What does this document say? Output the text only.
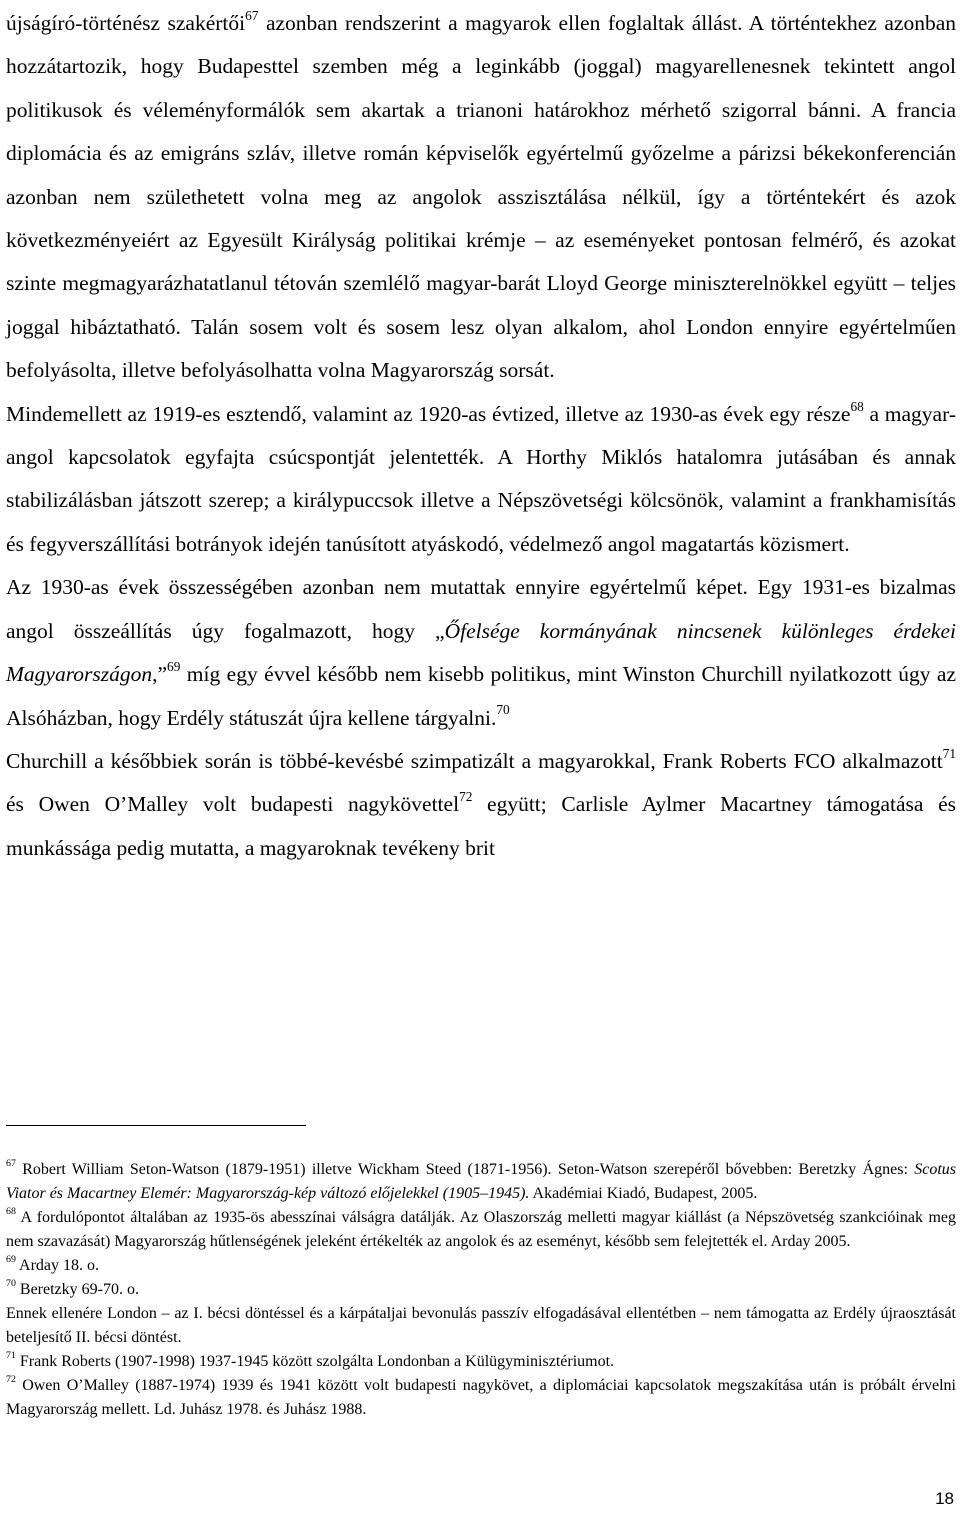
újságíró-történész szakértői$^{67}$ azonban rendszerint a magyarok ellen foglaltak állást. A történtekhez azonban hozzátartozik, hogy Budapesttel szemben még a leginkább (joggal) magyarellenesnek tekintett angol politikusok és véleményformálók sem akartak a trianoni határokhoz mérhető szigorral bánni. A francia diplomácia és az emigráns szláv, illetve román képviselők egyértelmű győzelme a párizsi békekonferencián azonban nem születhetett volna meg az angolok asszisztálása nélkül, így a történtekért és azok következményeiért az Egyesült Királyság politikai krémje – az eseményeket pontosan felmérő, és azokat szinte megmagyarázhatatlanul tétován szemlélő magyar-barát Lloyd George miniszterelnökkel együtt – teljes joggal hibáztatható. Talán sosem volt és sosem lesz olyan alkalom, ahol London ennyire egyértelműen befolyásolta, illetve befolyásolhatta volna Magyarország sorsát.

Mindemellett az 1919-es esztendő, valamint az 1920-as évtized, illetve az 1930-as évek egy része$^{68}$ a magyar-angol kapcsolatok egyfajta csúcspontját jelentették. A Horthy Miklós hatalomra jutásában és annak stabilizálásban játszott szerep; a királypuccsok illetve a Népszövetségi kölcsönök, valamint a frankhamisítás és fegyverszállítási botrányok idején tanúsított atyáskodó, védelmező angol magatartás közismert.

Az 1930-as évek összességében azonban nem mutattak ennyire egyértelmű képet. Egy 1931-es bizalmas angol összeállítás úgy fogalmazott, hogy „Őfelsége kormányának nincsenek különleges érdekei Magyarországon,”$^{69}$ míg egy évvel később nem kisebb politikus, mint Winston Churchill nyilatkozott úgy az Alsóházban, hogy Erdély státuszát újra kellene tárgyalni.$^{70}$

Churchill a későbbiek során is többé-kevésbé szimpatizált a magyarokkal, Frank Roberts FCO alkalmazott$^{71}$ és Owen O’Malley volt budapesti nagykövettel$^{72}$ együtt; Carlisle Aylmer Macartney támogatása és munkássága pedig mutatta, a magyaroknak tevékeny brit

$^{67}$ Robert William Seton-Watson (1879-1951) illetve Wickham Steed (1871-1956). Seton-Watson szerepéről bővebben: Beretzky Ágnes: Scotus Viator és Macartney Elemér: Magyarország-kép változó előjelekkel (1905–1945). Akadémiai Kiadó, Budapest, 2005.

$^{68}$ A fordulópontot általában az 1935-ös abesszínai válságra datálják. Az Olaszország melletti magyar kiállást (a Népszövetség szankcióinak meg nem szavazását) Magyarország hűtlenségének jeleként értékelték az angolok és az eseményt, később sem felejtették el. Arday 2005.

$^{69}$ Arday 18. o.

$^{70}$ Beretzky 69-70. o.

Ennek ellenére London – az I. bécsi döntéssel és a kárpátaljai bevonulás passzív elfogadásával ellentétben – nem támogatta az Erdély újraosztását beteljesítő II. bécsi döntést.

$^{71}$ Frank Roberts (1907-1998) 1937-1945 között szolgálta Londonban a Külügyminisztériumot.

$^{72}$ Owen O’Malley (1887-1974) 1939 és 1941 között volt budapesti nagykövet, a diplomáciai kapcsolatok megszakítása után is próbált érvelni Magyarország mellett. Ld. Juhász 1978. és Juhász 1988.

18
